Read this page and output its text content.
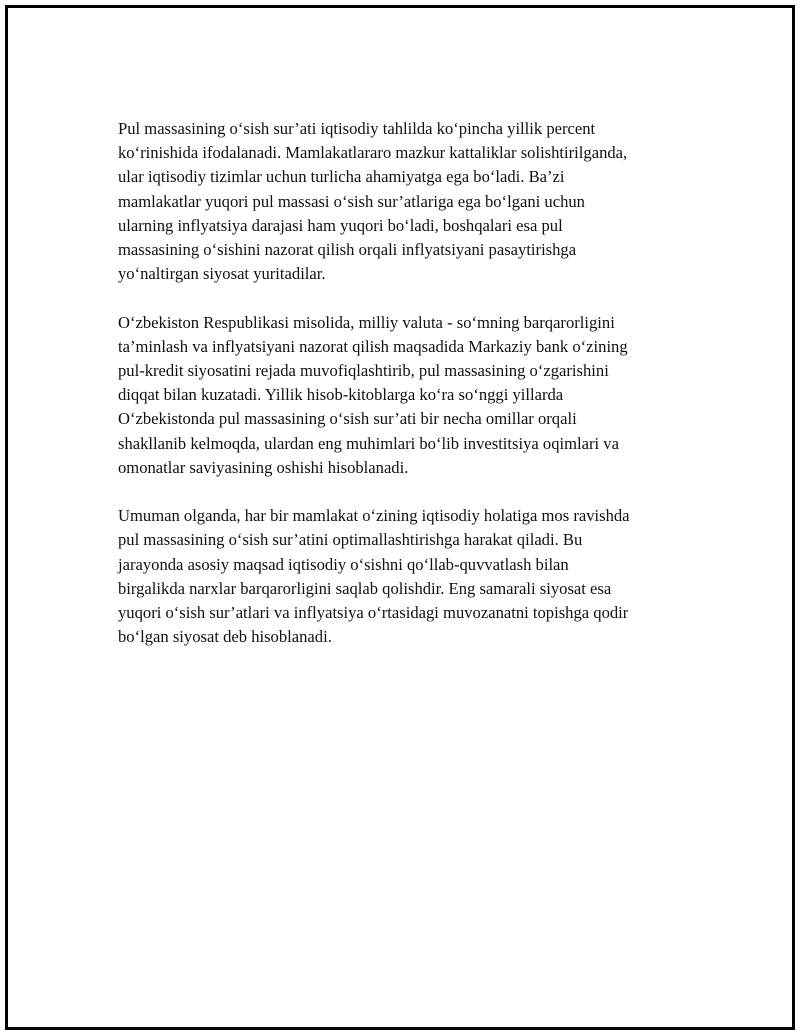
Pul massasining o‘sish sur’ati iqtisodiy tahlilda ko‘pincha yillik percent
ko‘rinishida ifodalanadi. Mamlakatlararo mazkur kattaliklar solishtirilganda,
ular iqtisodiy tizimlar uchun turlicha ahamiyatga ega bo‘ladi. Ba’zi
mamlakatlar yuqori pul massasi o‘sish sur’atlariga ega bo‘lgani uchun
ularning inflyatsiya darajasi ham yuqori bo‘ladi, boshqalari esa pul
massasining o‘sishini nazorat qilish orqali inflyatsiyani pasaytirishga
yo‘naltirgan siyosat yuritadilar.

O‘zbekiston Respublikasi misolida, milliy valuta - so‘mning barqarorligini
ta’minlash va inflyatsiyani nazorat qilish maqsadida Markaziy bank o‘zining
pul-kredit siyosatini rejada muvofiqlashtirib, pul massasining o‘zgarishini
diqqat bilan kuzatadi. Yillik hisob-kitoblarga ko‘ra so‘nggi yillarda
O‘zbekistonda pul massasining o‘sish sur’ati bir necha omillar orqali
shakllanib kelmoqda, ulardan eng muhimlari bo‘lib investitsiya oqimlari va
omonatlar saviyasining oshishi hisoblanadi.

Umuman olganda, har bir mamlakat o‘zining iqtisodiy holatiga mos ravishda
pul massasining o‘sish sur’atini optimallashtirishga harakat qiladi. Bu
jarayonda asosiy maqsad iqtisodiy o‘sishni qo‘llab-quvvatlash bilan
birgalikda narxlar barqarorligini saqlab qolishdir. Eng samarali siyosat esa
yuqori o‘sish sur’atlari va inflyatsiya o‘rtasidagi muvozanatni topishga qodir
bo‘lgan siyosat deb hisoblanadi.
